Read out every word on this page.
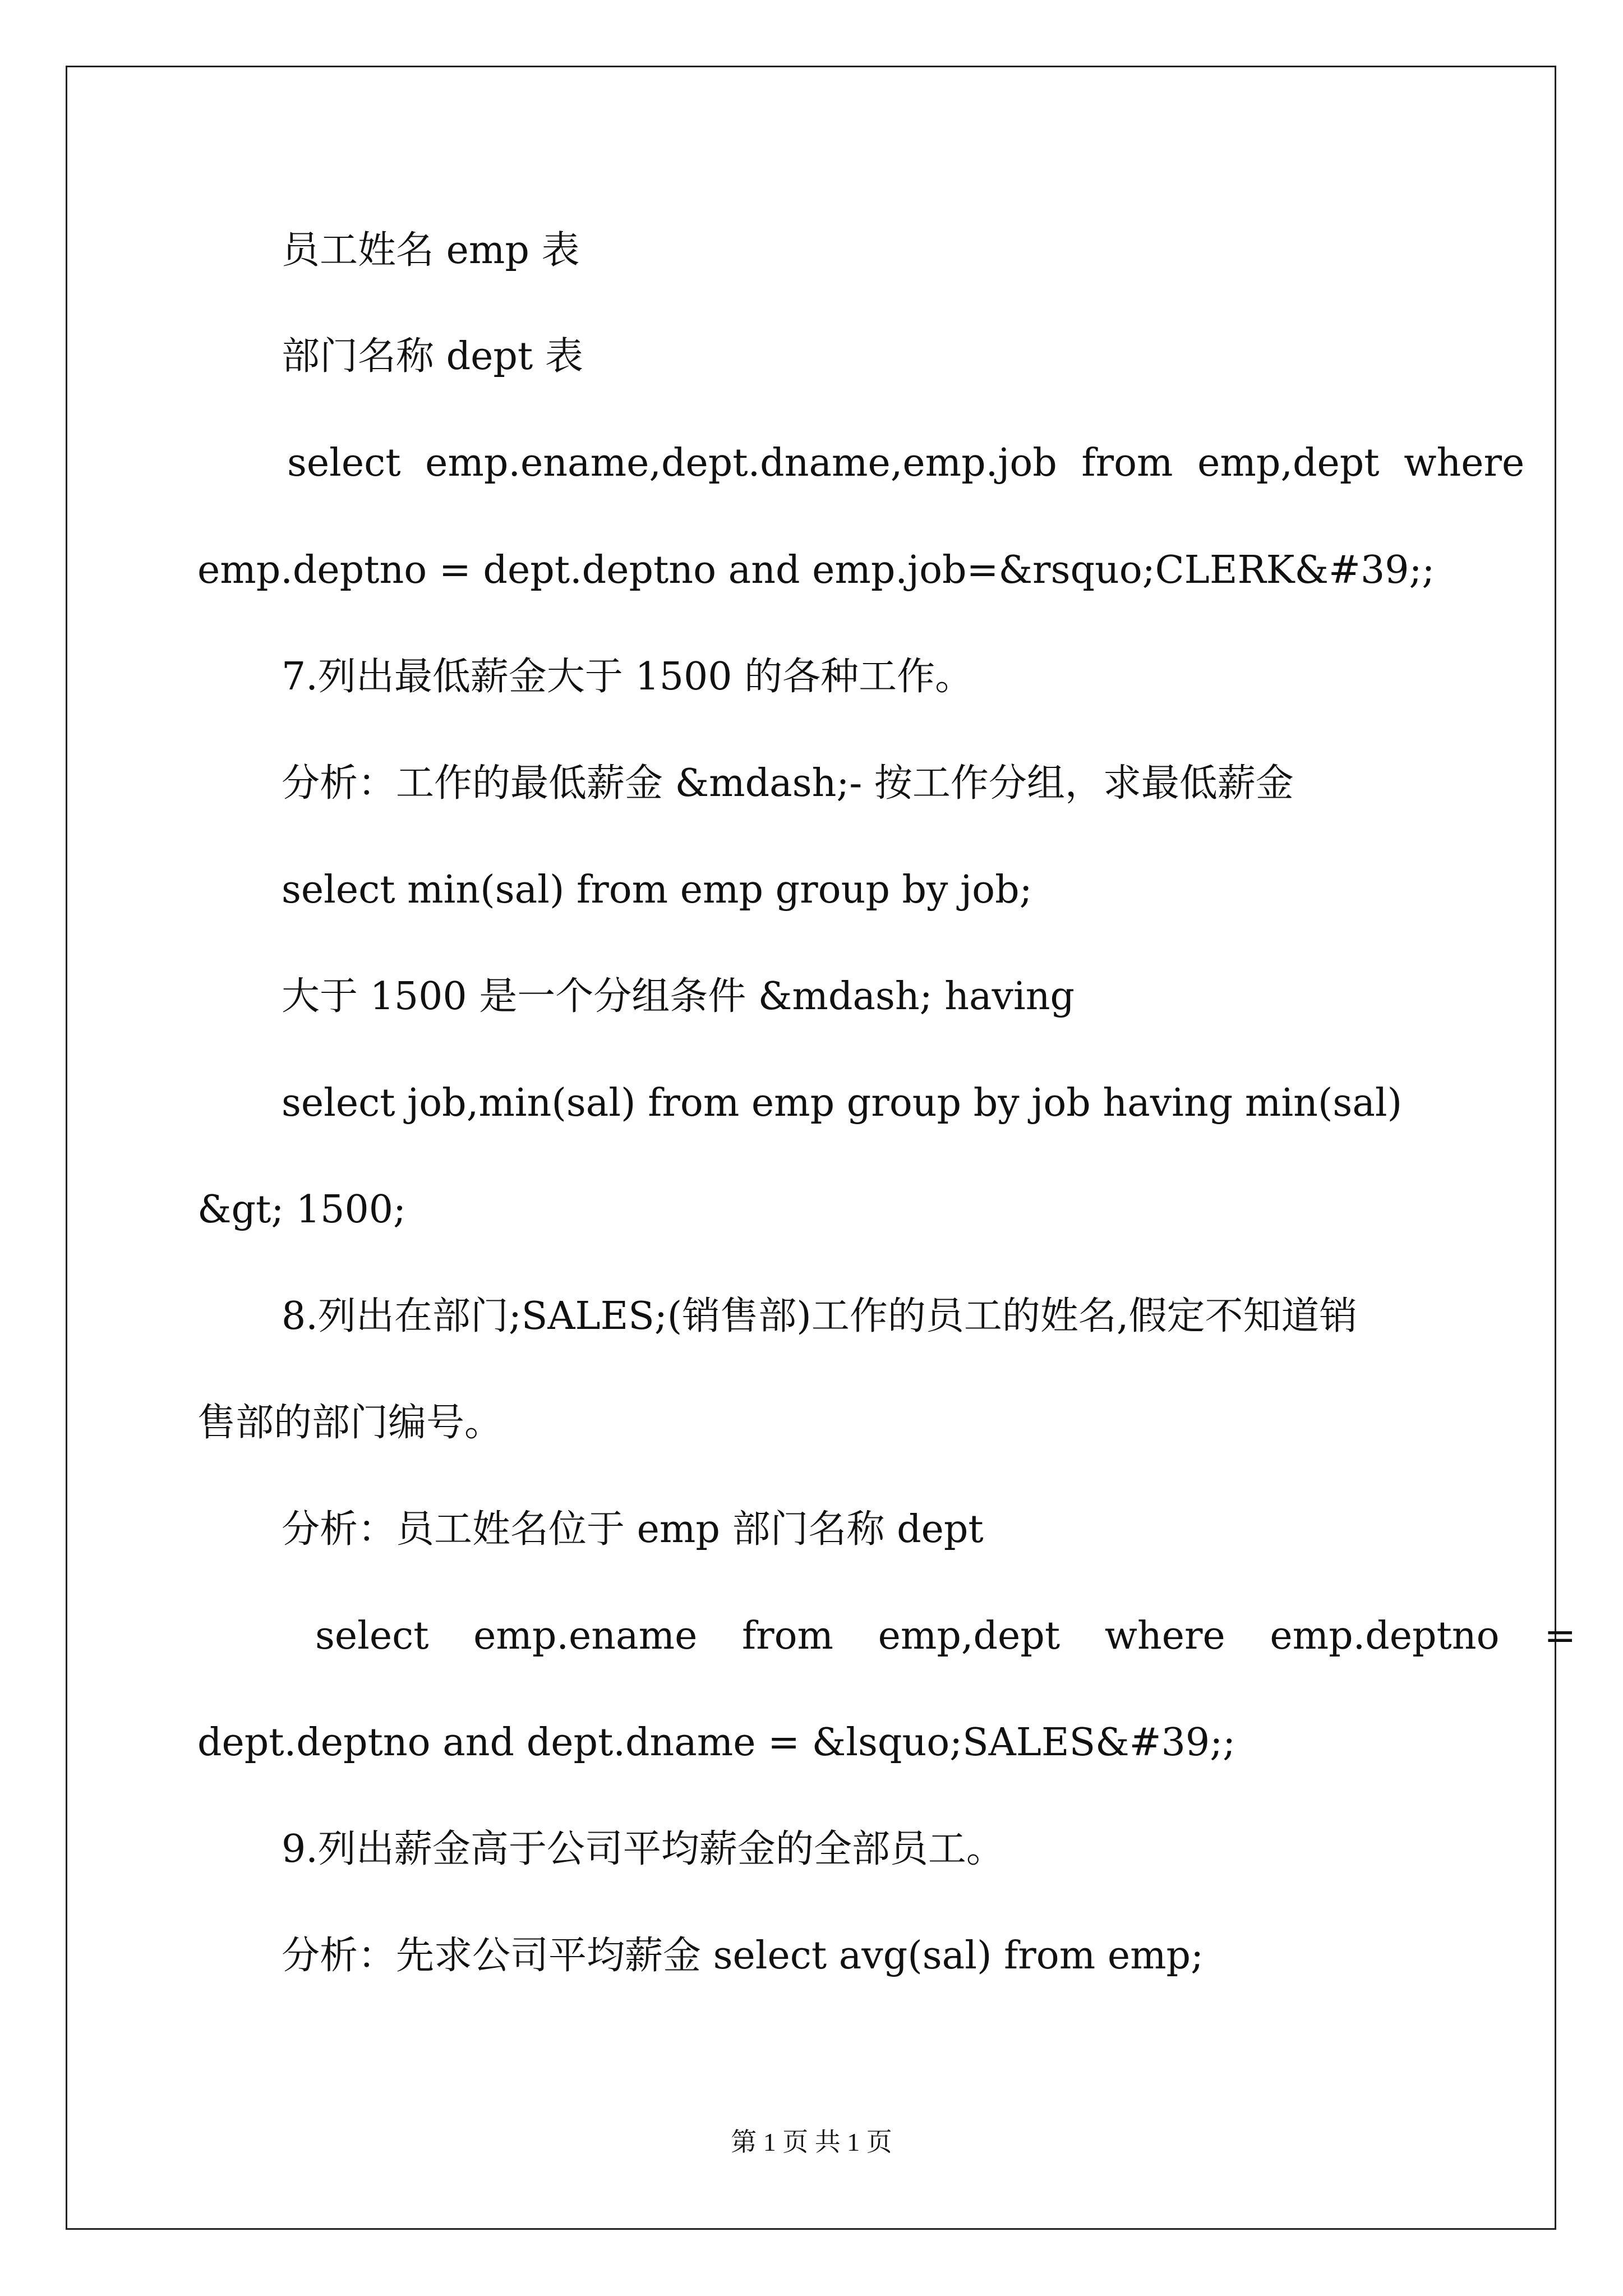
员工姓名 emp 表
部门名称 dept 表
select emp.ename,dept.dname,emp.job from emp,dept where
emp.deptno = dept.deptno and emp.job=&rsquo;CLERK&#39;;
7.列出最低薪金大于 1500 的各种工作。
分析：工作的最低薪金 &mdash;- 按工作分组，求最低薪金
select min(sal) from emp group by job;
大于 1500 是一个分组条件 &mdash; having
select job,min(sal) from emp group by job having min(sal)
&gt; 1500;
8.列出在部门;SALES;(销售部)工作的员工的姓名,假定不知道销
售部的部门编号。
分析：员工姓名位于 emp 部门名称 dept
select emp.ename from emp,dept where emp.deptno =
dept.deptno and dept.dname = &lsquo;SALES&#39;;
9.列出薪金高于公司平均薪金的全部员工。
分析：先求公司平均薪金 select avg(sal) from emp;
第 1 页 共 1 页
